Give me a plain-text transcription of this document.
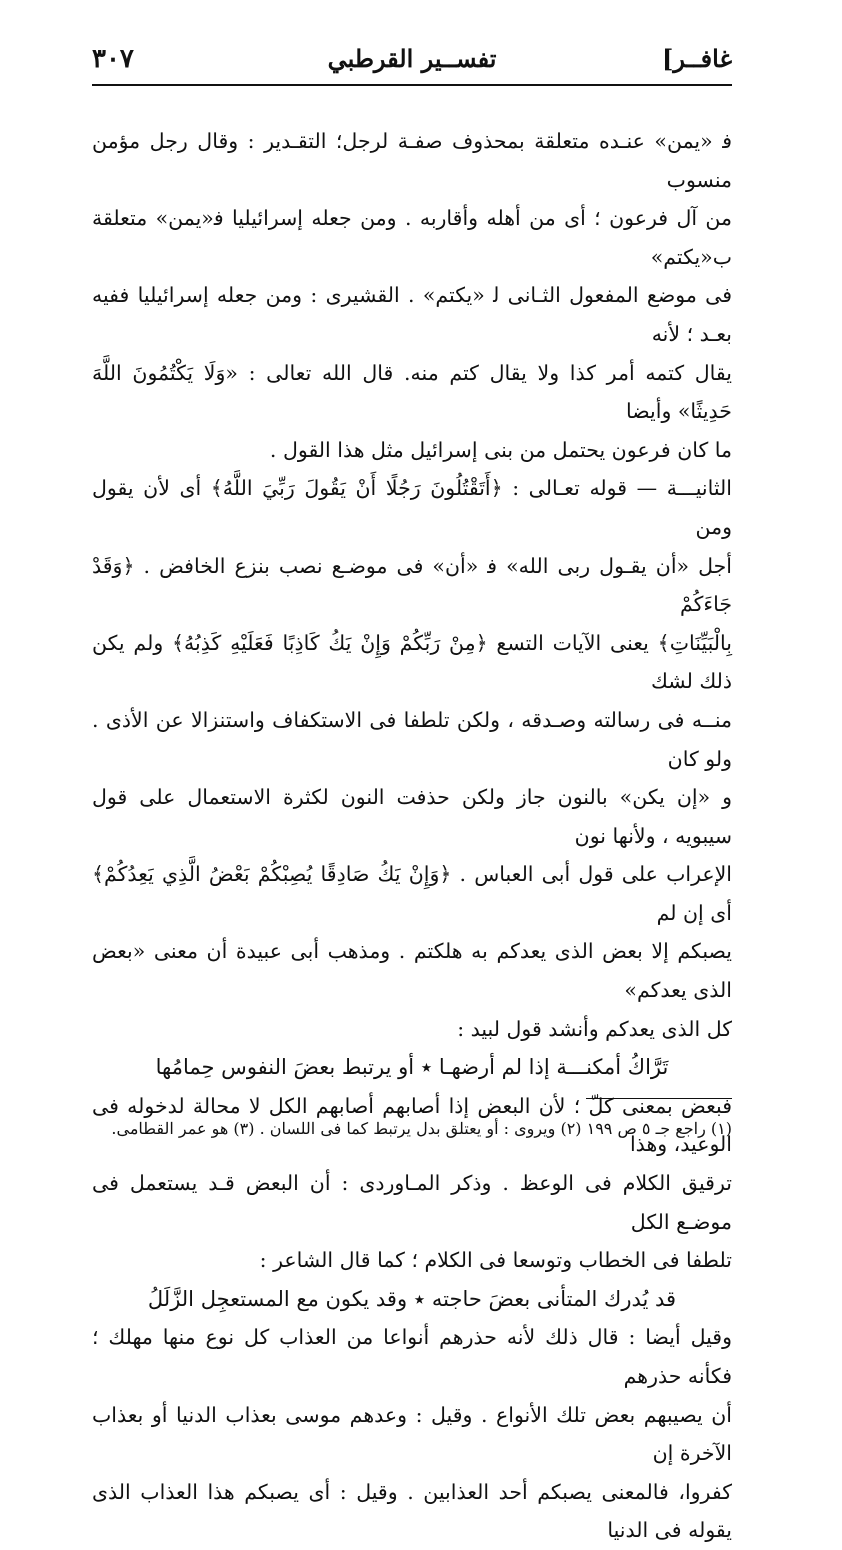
٣٠٧	تفســير القرطبي	غافــر]

ﻓ «يمن» عنـده متعلقة بمحذوف صفـة لرجل؛ التقـدير : وقال رجل مؤمن منسوب

من آل فرعون ؛ أى من أهله وأقاربه . ومن جعله إسرائيليا ﻓ«يمن» متعلقة ب«يكتم»

فى موضع المفعول الثـانى ﻟ «يكتم» . القشيرى : ومن جعله إسرائيليا ففيه بعـد ؛ لأنه

يقال كتمه أمر كذا ولا يقال كتم منه. قال الله تعالى : «وَلَا يَكْتُمُونَ اللَّهَ حَدِيثًا» وأيضا

ما كان فرعون يحتمل من بنى إسرائيل مثل هذا القول .

الثانيـــة — قوله تعـالى : ﴿أَتَقْتُلُونَ رَجُلًا أَنْ يَقُولَ رَبِّيَ اللَّهُ﴾ أى لأن يقول ومن

أجل «أن يقـول ربى الله» ﻓ «أن» فى موضـع نصب بنزع الخافض . ﴿وَقَدْ جَاءَكُمْ

بِالْبَيِّنَاتِ﴾ يعنى الآيات التسع ﴿مِنْ رَبِّكُمْ وَإِنْ يَكُ كَاذِبًا فَعَلَيْهِ كَذِبُهُ﴾ ولم يكن ذلك لشك

منــه فى رسالته وصـدقه ، ولكن تلطفا فى الاستكفاف واستنزالا عن الأذى . ولو كان

و «إن يكن» بالنون جاز ولكن حذفت النون لكثرة الاستعمال على قول سيبويه ، ولأنها نون

الإعراب على قول أبى العباس . ﴿وَإِنْ يَكُ صَادِقًا يُصِبْكُمْ بَعْضُ الَّذِي يَعِدُكُمْ﴾ أى إن لم

يصبكم إلا بعض الذى يعدكم به هلكتم . ومذهب أبى عبيدة أن معنى «بعض الذى يعدكم»

كل الذى يعدكم وأنشد قول لبيد :

تَرَّاكُ أمكنـــة إذا لم أرضهـا ٭ أو يرتبط بعضَ النفوس حِمامُها

فبعض بمعنى كلّ ؛ لأن البعض إذا أصابهم أصابهم الكل لا محالة لدخوله فى الوعيد، وهذا

ترقيق الكلام فى الوعظ . وذكر المـاوردى : أن البعض قـد يستعمل فى موضـع الكل

تلطفا فى الخطاب وتوسعا فى الكلام ؛ كما قال الشاعر :

قد يُدرك المتأنى بعضَ حاجته ٭ وقد يكون مع المستعجِل الزَّلَلُ

وقيل أيضا : قال ذلك لأنه حذرهم أنواعا من العذاب كل نوع منها مهلك ؛ فكأنه حذرهم

أن يصيبهم بعض تلك الأنواع . وقيل : وعدهم موسى بعذاب الدنيا أو بعذاب الآخرة إن

كفروا، فالمعنى يصبكم أحد العذابين . وقيل : أى يصبكم هذا العذاب الذى يقوله فى الدنيا

(١) راجع جـ ٥ ص ١٩٩ (٢) ويروى : أو يعتلق بدل يرتبط كما فى اللسان . (٣) هو عمر القطامى.
